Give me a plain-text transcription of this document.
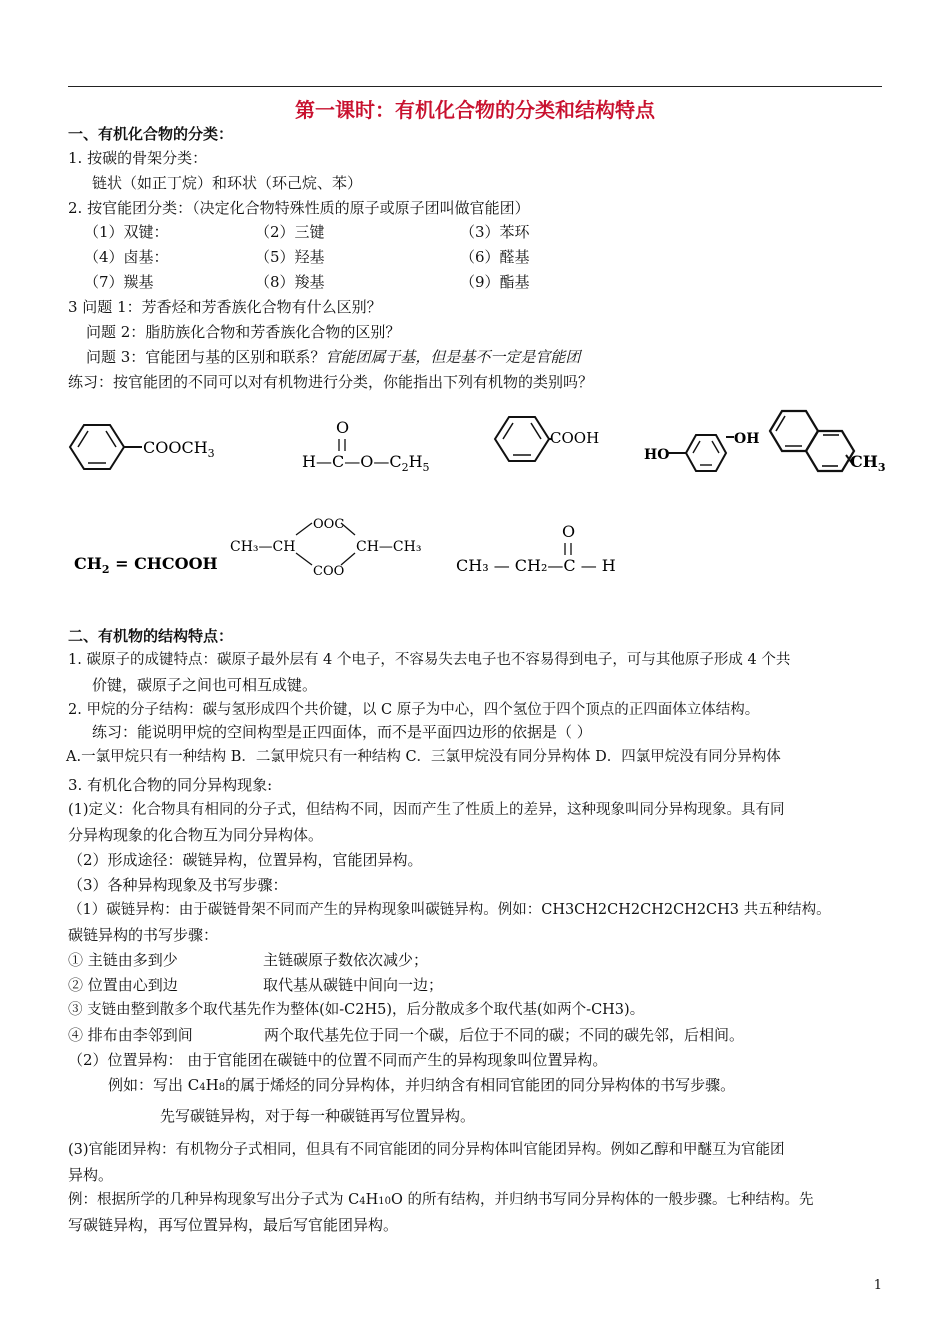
第一课时：有机化合物的分类和结构特点
一、有机化合物的分类：
1. 按碳的骨架分类：
链状（如正丁烷）和环状（环己烷、苯）
2. 按官能团分类：（决定化合物特殊性质的原子或原子团叫做官能团）
（1）双键：	（2）三键	（3）苯环
（4）卤基：	（5）羟基	（6）醛基
（7）羰基	（8）羧基	（9）酯基
3 问题 1：芳香烃和芳香族化合物有什么区别？
问题 2：脂肪族化合物和芳香族化合物的区别？
问题 3：官能团与基的区别和联系？官能团属于基，但是基不一定是官能团
练习：按官能团的不同可以对有机物进行分类，你能指出下列有机物的类别吗？
$COOCH_3$
O
$H—C—O—C_2H_5$
COOH
HO
OH
$CH_3$
$CH_2$ = CHCOOH
CH₃—CH
OOC
COO
CH—CH₃
O
CH₃ — CH₂—C — H
二、有机物的结构特点：
1. 碳原子的成键特点：碳原子最外层有 4 个电子，不容易失去电子也不容易得到电子，可与其他原子形成 4 个共
价键，碳原子之间也可相互成键。
2. 甲烷的分子结构：碳与氢形成四个共价键，以 C 原子为中心，四个氢位于四个顶点的正四面体立体结构。
练习：能说明甲烷的空间构型是正四面体，而不是平面四边形的依据是（ ）
A.一氯甲烷只有一种结构 B．二氯甲烷只有一种结构 C．三氯甲烷没有同分异构体 D．四氯甲烷没有同分异构体
3. 有机化合物的同分异构现象:
(1)定义：化合物具有相同的分子式，但结构不同，因而产生了性质上的差异，这种现象叫同分异构现象。具有同
分异构现象的化合物互为同分异构体。
（2）形成途径：碳链异构，位置异构，官能团异构。
（3）各种异构现象及书写步骤：
（1）碳链异构：由于碳链骨架不同而产生的异构现象叫碳链异构。例如：CH3CH2CH2CH2CH2CH3 共五种结构。
碳链异构的书写步骤：
① 主链由多到少	主链碳原子数依次减少；
② 位置由心到边	取代基从碳链中间向一边；
③ 支链由整到散多个取代基先作为整体(如-C2H5)，后分散成多个取代基(如两个-CH3)。
④ 排布由李邻到间	两个取代基先位于同一个碳，后位于不同的碳；不同的碳先邻，后相间。
（2）位置异构： 由于官能团在碳链中的位置不同而产生的异构现象叫位置异构。
例如：写出 C4H8的属于烯烃的同分异构体，并归纳含有相同官能团的同分异构体的书写步骤。
先写碳链异构，对于每一种碳链再写位置异构。
(3)官能团异构：有机物分子式相同，但具有不同官能团的同分异构体叫官能团异构。例如乙醇和甲醚互为官能团
异构。
例：根据所学的几种异构现象写出分子式为 C4H10O 的所有结构，并归纳书写同分异构体的一般步骤。七种结构。先
写碳链异构，再写位置异构，最后写官能团异构。
1
